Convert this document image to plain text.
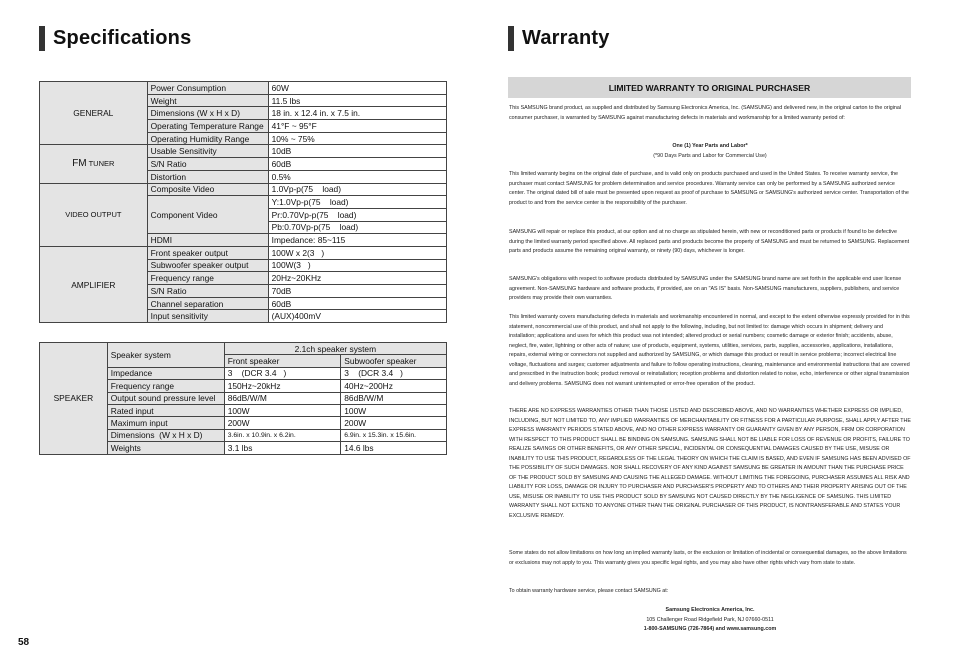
Specifications
GENERAL	Power Consumption	60W
	Weight	11.5 lbs
	Dimensions (W x H x D)	18 in. x 12.4 in. x 7.5 in.
	Operating Temperature Range	41°F ~ 95°F
	Operating Humidity Range	10% ~ 75%
FM TUNER	Usable Sensitivity	10dB
	S/N Ratio	60dB
	Distortion	0.5%
VIDEO OUTPUT	Composite Video	1.0Vp-p(75    load)
	Component Video	Y:1.0Vp-p(75    load)
		Pr:0.70Vp-p(75    load)
		Pb:0.70Vp-p(75    load)
	HDMI	Impedance: 85~115
AMPLIFIER	Front speaker output	100W x 2(3   )
	Subwoofer speaker output	100W(3   )
	Frequency range	20Hz~20KHz
	S/N Ratio	70dB
	Channel separation	60dB
	Input sensitivity	(AUX)400mV
SPEAKER	Speaker system	2.1ch speaker system	
		Front speaker	Subwoofer speaker
	Impedance	3    (DCR 3.4   )	3    (DCR 3.4   )
	Frequency range	150Hz~20kHz	40Hz~200Hz
	Output sound pressure level	86dB/W/M	86dB/W/M
	Rated input	100W	100W
	Maximum input	200W	200W
	Dimensions  (W x H x D)	3.6in. x 10.9in. x 6.2in.	6.9in. x 15.3in. x 15.6in.
	Weights	3.1 lbs	14.6 lbs
58
Warranty
LIMITED WARRANTY TO ORIGINAL PURCHASER
This SAMSUNG brand product, as supplied and distributed by Samsung Electronics America, Inc. (SAMSUNG) and delivered new, in the original carton to the original consumer purchaser, is warranted by SAMSUNG against manufacturing defects in materials and workmanship for a limited warranty period of:
One (1) Year Parts and Labor*
(*90 Days Parts and Labor for Commercial Use)
This limited warranty begins on the original date of purchase, and is valid only on products purchased and used in the United States. To receive warranty service, the purchaser must contact SAMSUNG for problem determination and service procedures. Warranty service can only be performed by a SAMSUNG authorized service center. The original dated bill of sale must be presented upon request as proof of purchase to SAMSUNG or SAMSUNG's authorized service center. Transportation of the product to and from the service center is the responsibility of the purchaser.
SAMSUNG will repair or replace this product, at our option and at no charge as stipulated herein, with new or reconditioned parts or products if found to be defective during the limited warranty period specified above. All replaced parts and products become the property of SAMSUNG and must be returned to SAMSUNG. Replacement parts and products assume the remaining original warranty, or ninety (90) days, whichever is longer.
SAMSUNG's obligations with respect to software products distributed by SAMSUNG under the SAMSUNG brand name are set forth in the applicable end user license agreement. Non-SAMSUNG hardware and software products, if provided, are on an "AS IS" basis. Non-SAMSUNG manufacturers, suppliers, publishers, and service providers may provide their own warranties.
This limited warranty covers manufacturing defects in materials and workmanship encountered in normal, and except to the extent otherwise expressly provided for in this statement, noncommercial use of this product, and shall not apply to the following, including, but not limited to: damage which occurs in shipment; delivery and installation; applications and uses for which this product was not intended; altered product or serial numbers; cosmetic damage or exterior finish; accidents, abuse, neglect, fire, water, lightning or other acts of nature; use of products, equipment, systems, utilities, services, parts, supplies, accessories, applications, installations, repairs, external wiring or connectors not supplied and authorized by SAMSUNG, or which damage this product or result in service problems; incorrect electrical line voltage, fluctuations and surges; customer adjustments and failure to follow operating instructions, cleaning, maintenance and environmental instructions that are covered and prescribed in the instruction book; product removal or reinstallation; reception problems and distortion related to noise, echo, interference or other signal transmission and delivery problems. SAMSUNG does not warrant uninterrupted or error-free operation of the product.
THERE ARE NO EXPRESS WARRANTIES OTHER THAN THOSE LISTED AND DESCRIBED ABOVE, AND NO WARRANTIES WHETHER EXPRESS OR IMPLIED, INCLUDING, BUT NOT LIMITED TO, ANY IMPLIED WARRANTIES OF MERCHANTABILITY OR FITNESS FOR A PARTICULAR PURPOSE, SHALL APPLY AFTER THE EXPRESS WARRANTY PERIODS STATED ABOVE, AND NO OTHER EXPRESS WARRANTY OR GUARANTY GIVEN BY ANY PERSON, FIRM OR CORPORATION WITH RESPECT TO THIS PRODUCT SHALL BE BINDING ON SAMSUNG. SAMSUNG SHALL NOT BE LIABLE FOR LOSS OF REVENUE OR PROFITS, FAILURE TO REALIZE SAVINGS OR OTHER BENEFITS, OR ANY OTHER SPECIAL, INCIDENTAL OR CONSEQUENTIAL DAMAGES CAUSED BY THE USE, MISUSE OR INABILITY TO USE THIS PRODUCT, REGARDLESS OF THE LEGAL THEORY ON WHICH THE CLAIM IS BASED, AND EVEN IF SAMSUNG HAS BEEN ADVISED OF THE POSSIBILITY OF SUCH DAMAGES. NOR SHALL RECOVERY OF ANY KIND AGAINST SAMSUNG BE GREATER IN AMOUNT THAN THE PURCHASE PRICE OF THE PRODUCT SOLD BY SAMSUNG AND CAUSING THE ALLEGED DAMAGE. WITHOUT LIMITING THE FOREGOING, PURCHASER ASSUMES ALL RISK AND LIABILITY FOR LOSS, DAMAGE OR INJURY TO PURCHASER AND PURCHASER'S PROPERTY AND TO OTHERS AND THEIR PROPERTY ARISING OUT OF THE USE, MISUSE OR INABILITY TO USE THIS PRODUCT SOLD BY SAMSUNG NOT CAUSED DIRECTLY BY THE NEGLIGENCE OF SAMSUNG. THIS LIMITED WARRANTY SHALL NOT EXTEND TO ANYONE OTHER THAN THE ORIGINAL PURCHASER OF THIS PRODUCT, IS NONTRANSFERABLE AND STATES YOUR EXCLUSIVE REMEDY.
Some states do not allow limitations on how long an implied warranty lasts, or the exclusion or limitation of incidental or consequential damages, so the above limitations or exclusions may not apply to you. This warranty gives you specific legal rights, and you may also have other rights which vary from state to state.
To obtain warranty hardware service, please contact SAMSUNG at:
Samsung Electronics America, Inc.
105 Challenger Road Ridgefield Park, NJ 07660-0511
1-800-SAMSUNG (726-7864) and www.samsung.com
